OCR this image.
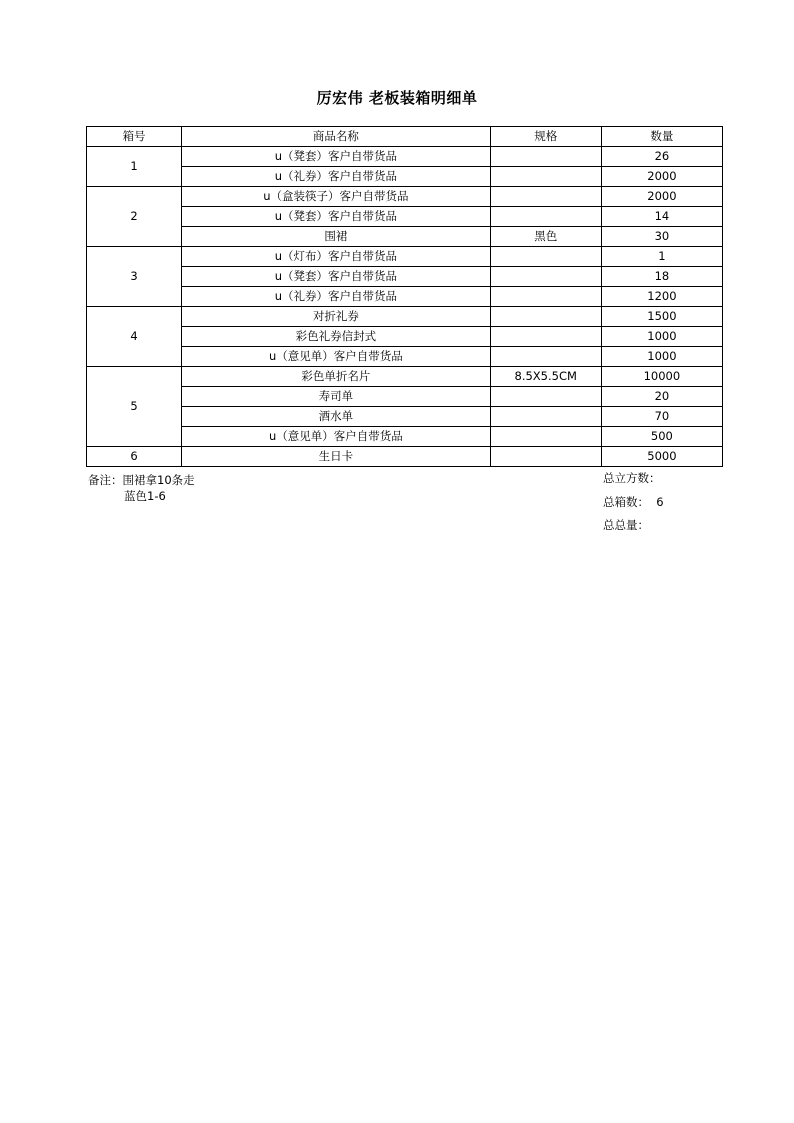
厉宏伟 老板装箱明细单
箱号	商品名称	规格	数量
1	u（凳套）客户自带货品		26
	u（礼券）客户自带货品		2000
2	u（盒装筷子）客户自带货品		2000
	u（凳套）客户自带货品		14
	围裙	黑色	30
3	u（灯布）客户自带货品		1
	u（凳套）客户自带货品		18
	u（礼券）客户自带货品		1200
4	对折礼券		1500
	彩色礼券信封式		1000
	u（意见单）客户自带货品		1000
5	彩色单折名片	8.5X5.5CM	10000
	寿司单		20
	酒水单		70
	u（意见单）客户自带货品		500
6	生日卡		5000
备注：围裙拿10条走
蓝色1-6
总立方数：
总箱数：  6
总总量：
